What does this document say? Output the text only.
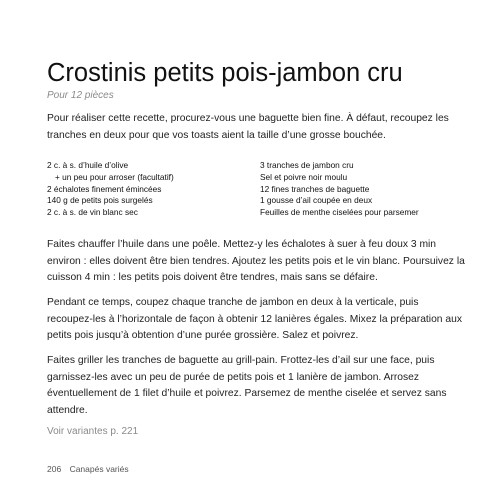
Crostinis petits pois-jambon cru
Pour 12 pièces

Pour réaliser cette recette, procurez-vous une baguette bien fine. À défaut, recoupez les tranches en deux pour que vos toasts aient la taille d’une grosse bouchée.

2 c. à s. d’huile d’olive
+ un peu pour arroser (facultatif)
2 échalotes finement émincées
140 g de petits pois surgelés
2 c. à s. de vin blanc sec
3 tranches de jambon cru
Sel et poivre noir moulu
12 fines tranches de baguette
1 gousse d’ail coupée en deux
Feuilles de menthe ciselées pour parsemer

Faites chauffer l’huile dans une poêle. Mettez-y les échalotes à suer à feu doux 3 min environ : elles doivent être bien tendres. Ajoutez les petits pois et le vin blanc. Poursuivez la cuisson 4 min : les petits pois doivent être tendres, mais sans se défaire.

Pendant ce temps, coupez chaque tranche de jambon en deux à la verticale, puis recoupez-les à l’horizontale de façon à obtenir 12 lanières égales. Mixez la préparation aux petits pois jusqu’à obtention d’une purée grossière. Salez et poivrez.

Faites griller les tranches de baguette au grill-pain. Frottez-les d’ail sur une face, puis garnissez-les avec un peu de purée de petits pois et 1 lanière de jambon. Arrosez éventuellement de 1 filet d’huile et poivrez. Parsemez de menthe ciselée et servez sans attendre.

Voir variantes p. 221
206 Canapés variés
